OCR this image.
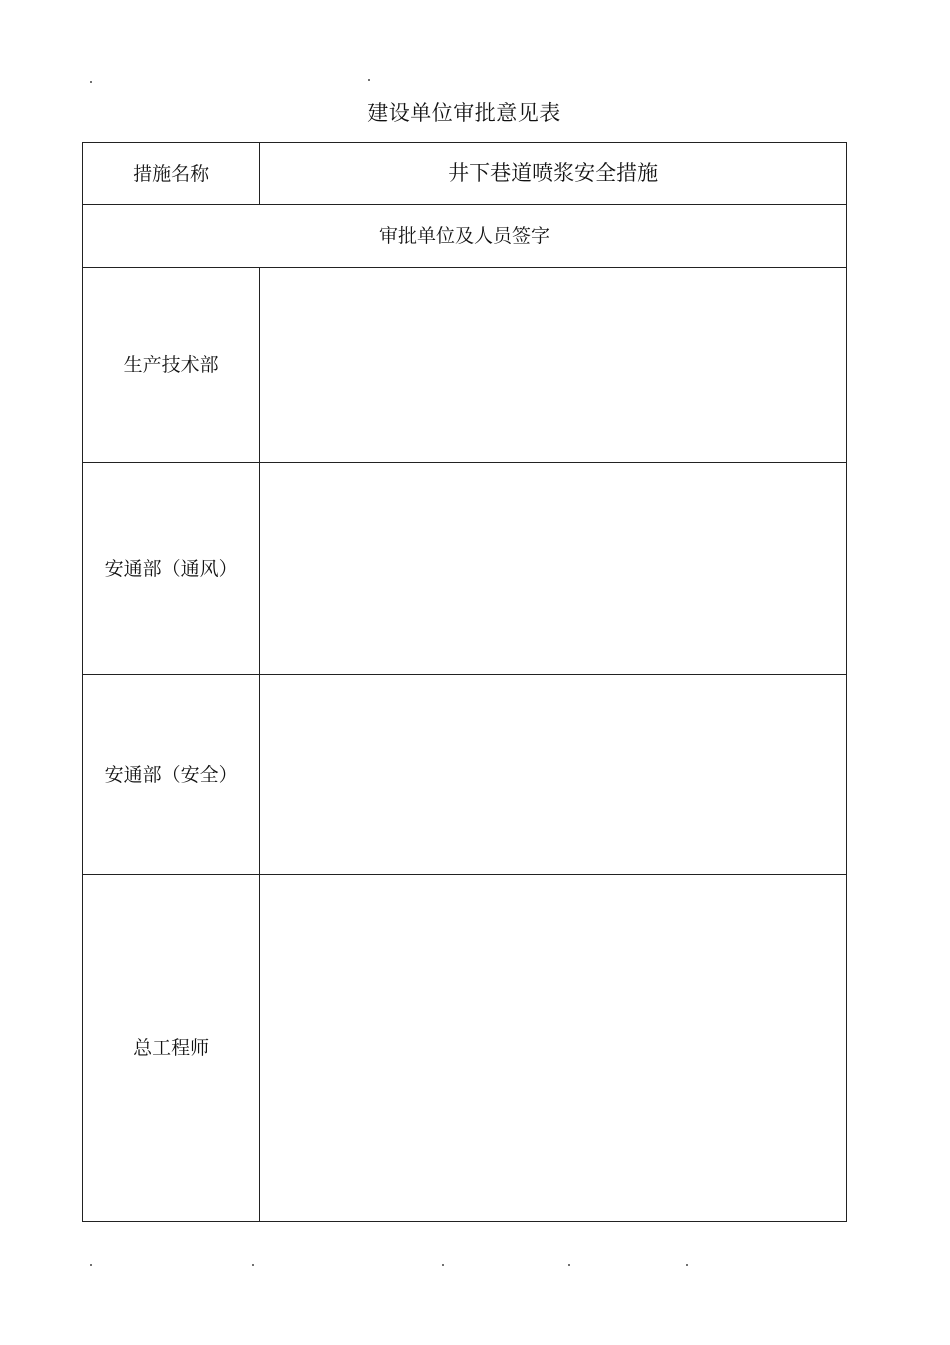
建设单位审批意见表
措施名称	井下巷道喷浆安全措施
审批单位及人员签字	
生产技术部	

安通部（通风）	

安通部（安全）	

总工程师	
